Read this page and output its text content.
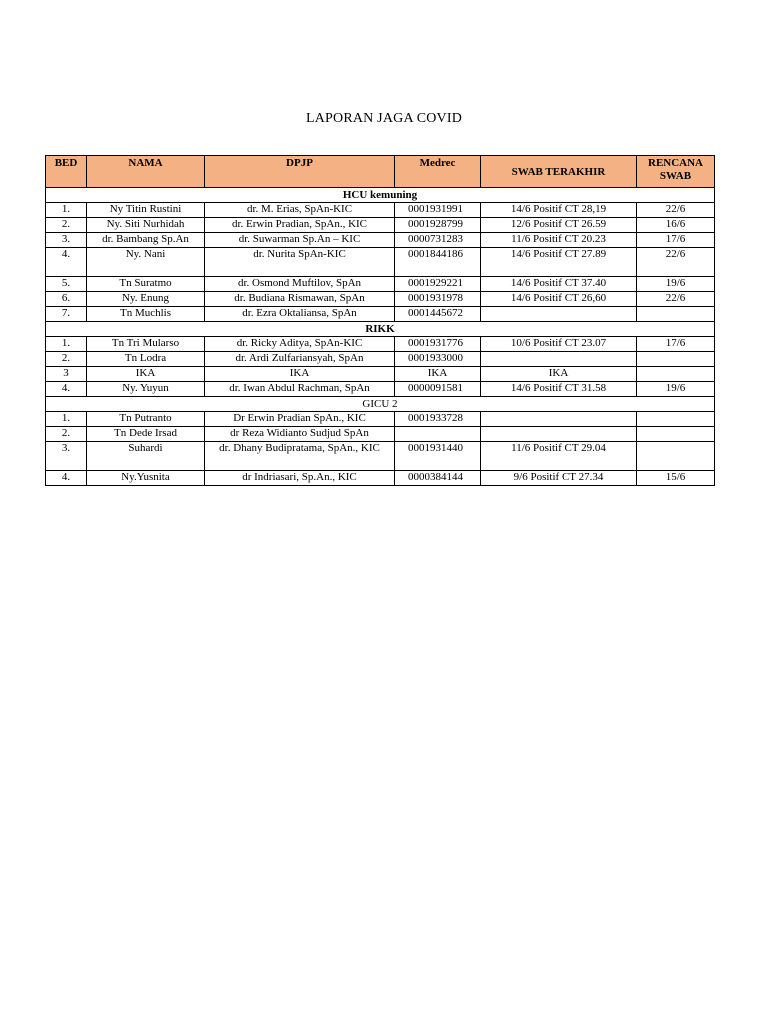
LAPORAN JAGA COVID
BED	NAMA	DPJP	Medrec	SWAB TERAKHIR	RENCANA SWAB
HCU kemuning					
1.	Ny Titin Rustini	dr. M. Erias, SpAn-KIC	0001931991	14/6 Positif CT 28,19	22/6
2.	Ny. Siti Nurhidah	dr. Erwin Pradian, SpAn., KIC	0001928799	12/6 Positif CT 26.59	16/6
3.	dr. Bambang Sp.An	dr. Suwarman Sp.An – KIC	0000731283	11/6 Positif CT 20.23	17/6
4.	Ny. Nani	dr. Nurita SpAn-KIC	0001844186	14/6 Positif CT 27.89	22/6
5.	Tn Suratmo	dr. Osmond Muftilov, SpAn	0001929221	14/6 Positif CT 37.40	19/6
6.	Ny. Enung	dr. Budiana Rismawan, SpAn	0001931978	14/6 Positif CT 26,60	22/6
7.	Tn Muchlis	dr. Ezra Oktaliansa, SpAn	0001445672		
RIKK					
1.	Tn Tri Mularso	dr. Ricky Aditya, SpAn-KIC	0001931776	10/6 Positif CT 23.07	17/6
2.	Tn Lodra	dr. Ardi Zulfariansyah, SpAn	0001933000		
3	IKA	IKA	IKA	IKA	
4.	Ny. Yuyun	dr. Iwan Abdul Rachman, SpAn	0000091581	14/6 Positif CT 31.58	19/6
GICU 2					
1.	Tn Putranto	Dr Erwin Pradian SpAn., KIC	0001933728		
2.	Tn Dede Irsad	dr Reza Widianto Sudjud SpAn			
3.	Suhardi	dr. Dhany Budipratama, SpAn., KIC	0001931440	11/6 Positif CT 29.04	
4.	Ny.Yusnita	dr Indriasari, Sp.An., KIC	0000384144	9/6 Positif CT 27.34	15/6
